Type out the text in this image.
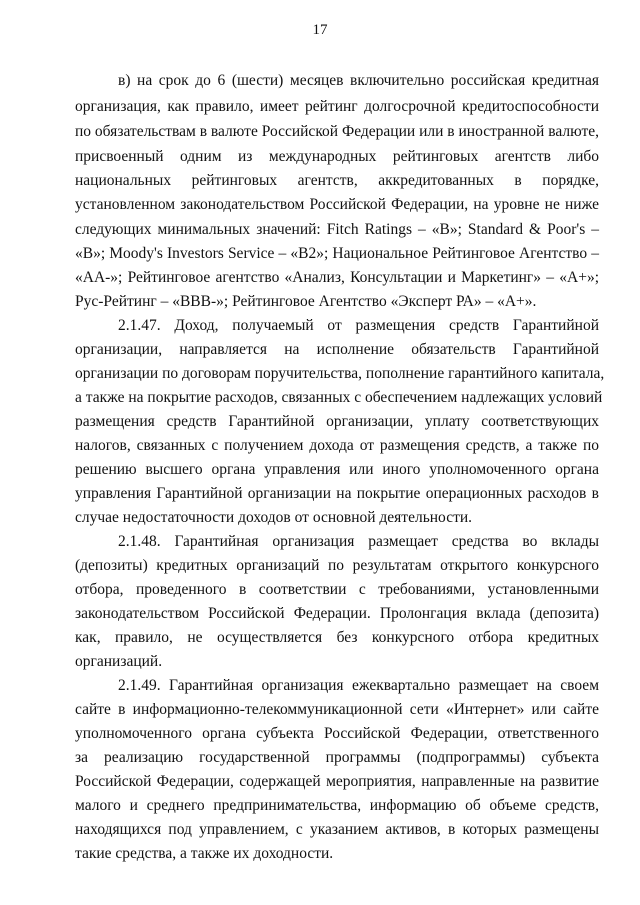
17
в) на срок до 6 (шести) месяцев включительно российская кредитная
организация, как правило, имеет рейтинг долгосрочной кредитоспособности
по обязательствам в валюте Российской Федерации или в иностранной валюте,
присвоенный одним из международных рейтинговых агентств либо
национальных рейтинговых агентств, аккредитованных в порядке,
установленном законодательством Российской Федерации, на уровне не ниже
следующих минимальных значений: Fitch Ratings – «B»; Standard & Poor's –
«B»; Moody's Investors Service – «B2»; Национальное Рейтинговое Агентство –
«АА-»; Рейтинговое агентство «Анализ, Консультации и Маркетинг» – «А+»;
Рус-Рейтинг – «BBB-»; Рейтинговое Агентство «Эксперт РА» – «А+».
2.1.47. Доход, получаемый от размещения средств Гарантийной
организации, направляется на исполнение обязательств Гарантийной
организации по договорам поручительства, пополнение гарантийного капитала,
а также на покрытие расходов, связанных с обеспечением надлежащих условий
размещения средств Гарантийной организации, уплату соответствующих
налогов, связанных с получением дохода от размещения средств, а также по
решению высшего органа управления или иного уполномоченного органа
управления Гарантийной организации на покрытие операционных расходов в
случае недостаточности доходов от основной деятельности.
2.1.48. Гарантийная организация размещает средства во вклады
(депозиты) кредитных организаций по результатам открытого конкурсного
отбора, проведенного в соответствии с требованиями, установленными
законодательством Российской Федерации. Пролонгация вклада (депозита)
как, правило, не осуществляется без конкурсного отбора кредитных
организаций.
2.1.49. Гарантийная организация ежеквартально размещает на своем
сайте в информационно-телекоммуникационной сети «Интернет» или сайте
уполномоченного органа субъекта Российской Федерации, ответственного
за реализацию государственной программы (подпрограммы) субъекта
Российской Федерации, содержащей мероприятия, направленные на развитие
малого и среднего предпринимательства, информацию об объеме средств,
находящихся под управлением, с указанием активов, в которых размещены
такие средства, а также их доходности.
